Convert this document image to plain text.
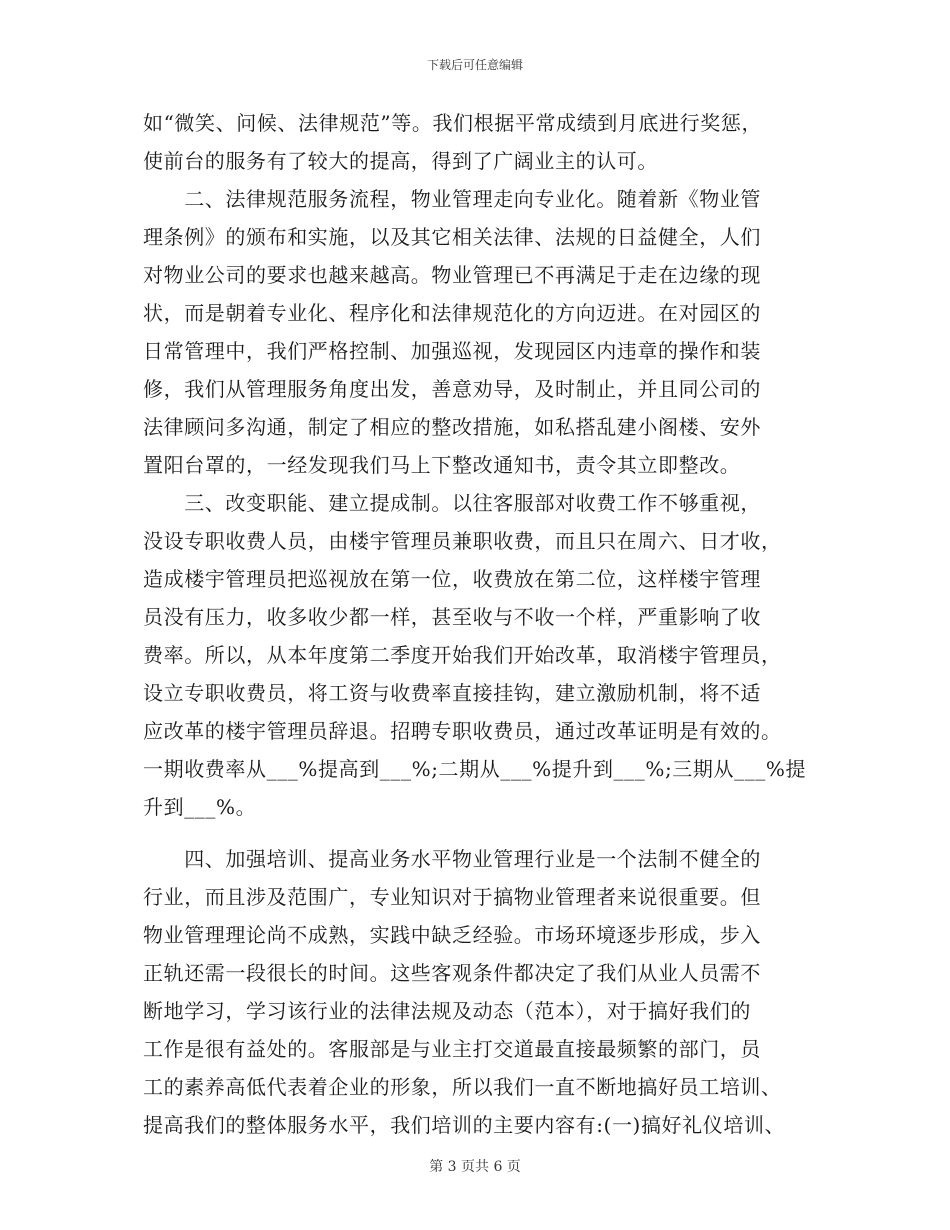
下载后可任意编辑
如“微笑、问候、法律规范”等。我们根据平常成绩到月底进行奖惩，
使前台的服务有了较大的提高，得到了广阔业主的认可。
　　二、法律规范服务流程，物业管理走向专业化。随着新《物业管
理条例》的颁布和实施，以及其它相关法律、法规的日益健全，人们
对物业公司的要求也越来越高。物业管理已不再满足于走在边缘的现
状，而是朝着专业化、程序化和法律规范化的方向迈进。在对园区的
日常管理中，我们严格控制、加强巡视，发现园区内违章的操作和装
修，我们从管理服务角度出发，善意劝导，及时制止，并且同公司的
法律顾问多沟通，制定了相应的整改措施，如私搭乱建小阁楼、安外
置阳台罩的，一经发现我们马上下整改通知书，责令其立即整改。
　　三、改变职能、建立提成制。以往客服部对收费工作不够重视，
没设专职收费人员，由楼宇管理员兼职收费，而且只在周六、日才收，
造成楼宇管理员把巡视放在第一位，收费放在第二位，这样楼宇管理
员没有压力，收多收少都一样，甚至收与不收一个样，严重影响了收
费率。所以，从本年度第二季度开始我们开始改革，取消楼宇管理员，
设立专职收费员，将工资与收费率直接挂钩，建立激励机制，将不适
应改革的楼宇管理员辞退。招聘专职收费员，通过改革证明是有效的。
一期收费率从___%提高到___%;二期从___%提升到___%;三期从___%提
升到___%。
　　四、加强培训、提高业务水平物业管理行业是一个法制不健全的
行业，而且涉及范围广，专业知识对于搞物业管理者来说很重要。但
物业管理理论尚不成熟，实践中缺乏经验。市场环境逐步形成，步入
正轨还需一段很长的时间。这些客观条件都决定了我们从业人员需不
断地学习，学习该行业的法律法规及动态（范本），对于搞好我们的
工作是很有益处的。客服部是与业主打交道最直接最频繁的部门，员
工的素养高低代表着企业的形象，所以我们一直不断地搞好员工培训、
提高我们的整体服务水平，我们培训的主要内容有:(一)搞好礼仪培训、
第 3 页共 6 页
